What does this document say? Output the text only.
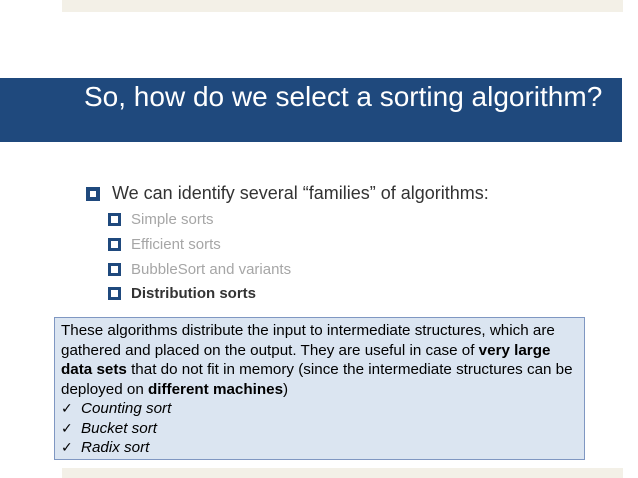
So, how do we select a sorting algorithm?
We can identify several “families” of algorithms:
Simple sorts
Efficient sorts
BubbleSort and variants
Distribution sorts

These algorithms distribute the input to intermediate structures, which are gathered and placed on the output. They are useful in case of very large data sets that do not fit in memory (since the intermediate structures can be deployed on different machines)

✓ Counting sort
✓ Bucket sort
✓ Radix sort
